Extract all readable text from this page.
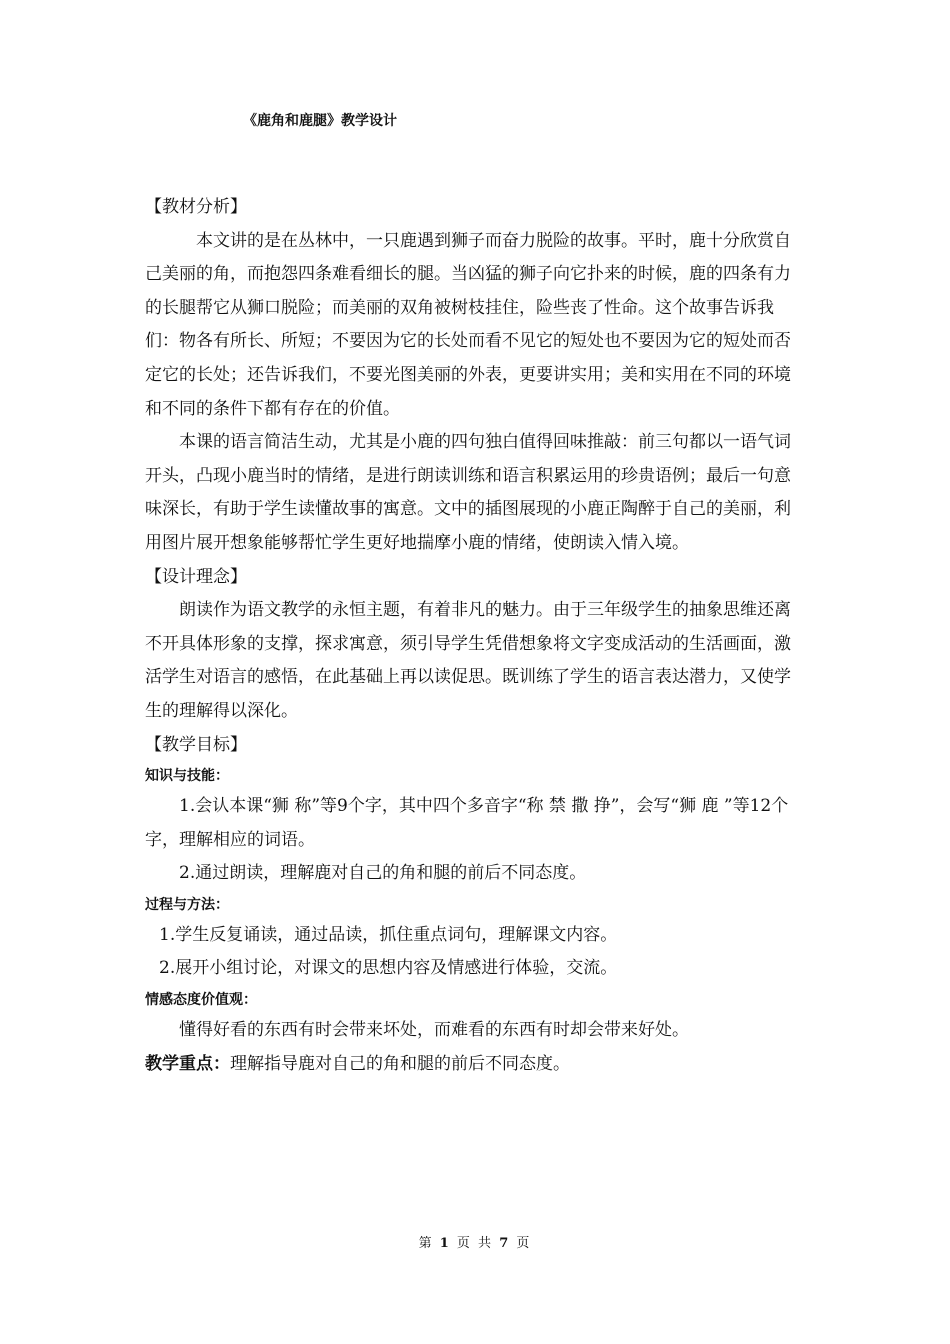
《鹿角和鹿腿》教学设计

【教材分析】

本文讲的是在丛林中，一只鹿遇到狮子而奋力脱险的故事。平时，鹿十分欣赏自己美丽的角，而抱怨四条难看细长的腿。当凶猛的狮子向它扑来的时候，鹿的四条有力的长腿帮它从狮口脱险；而美丽的双角被树枝挂住，险些丧了性命。这个故事告诉我们：物各有所长、所短；不要因为它的长处而看不见它的短处也不要因为它的短处而否定它的长处；还告诉我们，不要光图美丽的外表，更要讲实用；美和实用在不同的环境和不同的条件下都有存在的价值。

本课的语言简洁生动，尤其是小鹿的四句独白值得回味推敲：前三句都以一语气词开头，凸现小鹿当时的情绪，是进行朗读训练和语言积累运用的珍贵语例；最后一句意味深长，有助于学生读懂故事的寓意。文中的插图展现的小鹿正陶醉于自己的美丽，利用图片展开想象能够帮忙学生更好地揣摩小鹿的情绪，使朗读入情入境。

【设计理念】

朗读作为语文教学的永恒主题，有着非凡的魅力。由于三年级学生的抽象思维还离不开具体形象的支撑，探求寓意，须引导学生凭借想象将文字变成活动的生活画面，激活学生对语言的感悟，在此基础上再以读促思。既训练了学生的语言表达潜力，又使学生的理解得以深化。

【教学目标】

知识与技能：

1.会认本课“狮 称”等9个字，其中四个多音字“称 禁 撒 挣”，会写“狮 鹿 ”等12个字，理解相应的词语。

2.通过朗读，理解鹿对自己的角和腿的前后不同态度。

过程与方法：

1.学生反复诵读，通过品读，抓住重点词句，理解课文内容。

2.展开小组讨论，对课文的思想内容及情感进行体验，交流。

情感态度价值观：

懂得好看的东西有时会带来坏处，而难看的东西有时却会带来好处。

教学重点：理解指导鹿对自己的角和腿的前后不同态度。

第 1 页 共 7 页
